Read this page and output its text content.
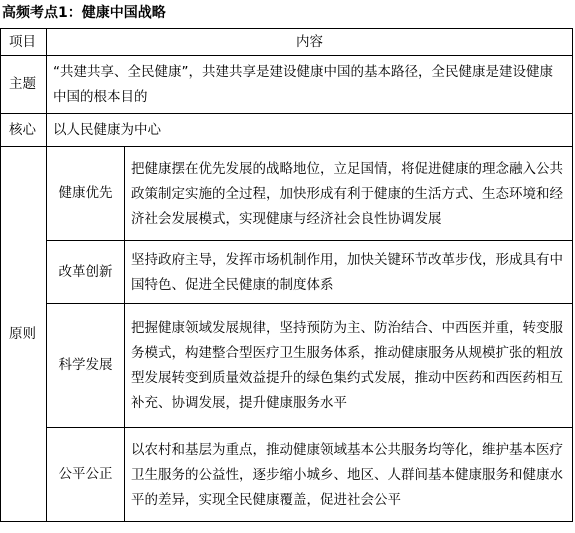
高频考点1：健康中国战略
项目	内容	
主题	“共建共享、全民健康”，共建共享是建设健康中国的基本路径，全民健康是建设健康中国的根本目的	
核心	以人民健康为中心	
原则	健康优先	把健康摆在优先发展的战略地位，立足国情，将促进健康的理念融入公共政策制定实施的全过程，加快形成有利于健康的生活方式、生态环境和经济社会发展模式，实现健康与经济社会良性协调发展
	改革创新	坚持政府主导，发挥市场机制作用，加快关键环节改革步伐，形成具有中国特色、促进全民健康的制度体系
	科学发展	把握健康领域发展规律，坚持预防为主、防治结合、中西医并重，转变服务模式，构建整合型医疗卫生服务体系，推动健康服务从规模扩张的粗放型发展转变到质量效益提升的绿色集约式发展，推动中医药和西医药相互补充、协调发展，提升健康服务水平
	公平公正	以农村和基层为重点，推动健康领域基本公共服务均等化，维护基本医疗卫生服务的公益性，逐步缩小城乡、地区、人群间基本健康服务和健康水平的差异，实现全民健康覆盖，促进社会公平
